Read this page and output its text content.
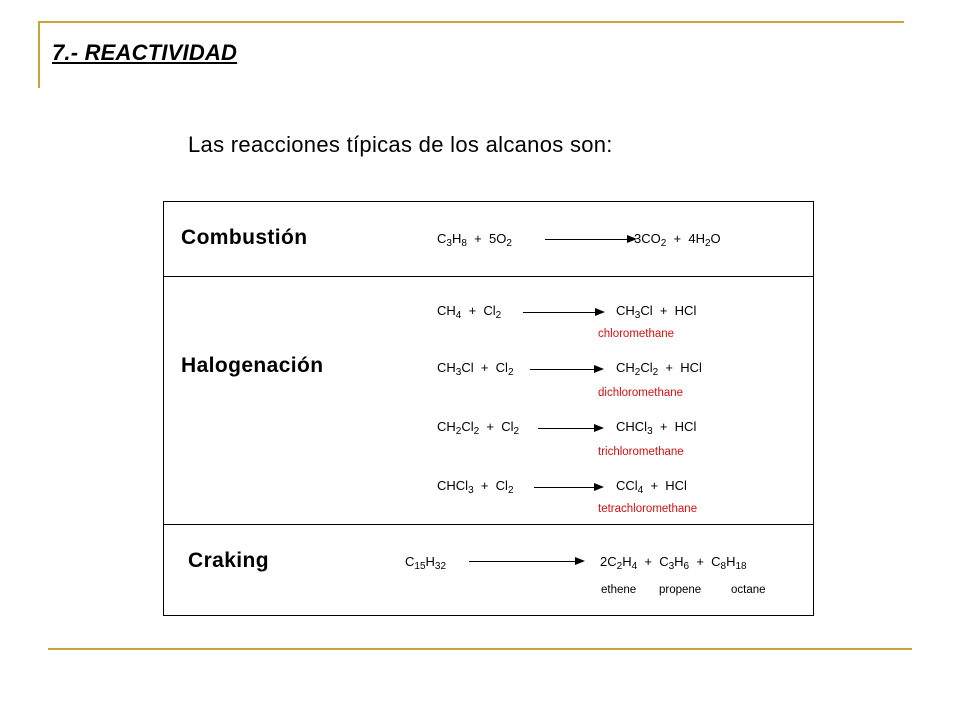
7.- REACTIVIDAD
Las reacciones típicas de los alcanos son:
Combustión	$C_3H_8 + 5O_2$	$3CO_2 + 4H_2O$
Halogenación
$CH_4 + Cl_2$	$CH_3Cl$  +  HCl
chloromethane
$CH_3Cl + Cl_2$	$CH_2Cl_2$  +  HCl
dichloromethane
$CH_2Cl_2 + Cl_2$	CHCl$_3$  +  HCl
trichloromethane
CHCl$_3$  +  $Cl_2$	CCl$_4$  +  HCl
tetrachloromethane
Craking	$C_{15}H_{32}$	$2C_2H_4 + C_3H_6 + C_8H_{18}$
ethene propene	octane
